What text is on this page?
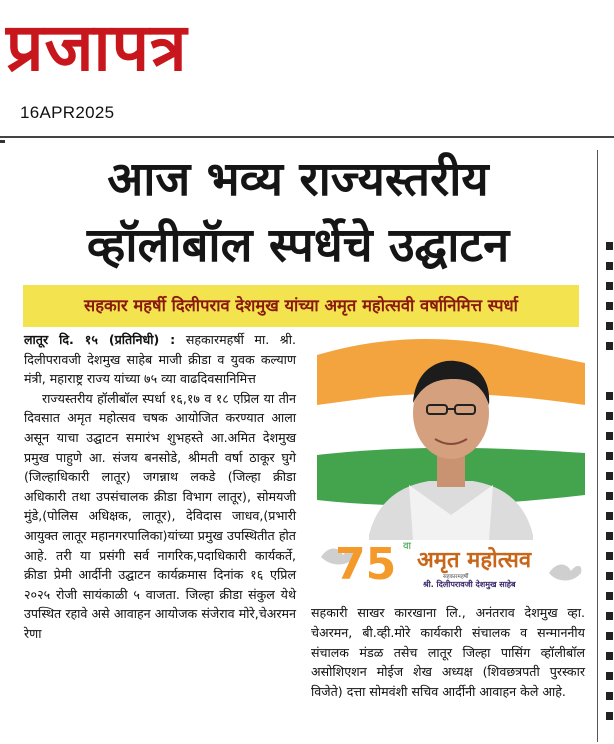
प्रजापत्र
16APR2025
आज भव्य राज्यस्तरीय
व्हॉलीबॉल स्पर्धेचे उद्घाटन
सहकार महर्षी दिलीपराव देशमुख यांच्या अमृत महोत्सवी वर्षानिमित्त स्पर्धा

लातूर दि. १५ (प्रतिनिधी) : सहकारमहर्षी मा. श्री. दिलीपरावजी देशमुख साहेब माजी क्रीडा व युवक कल्याण मंत्री, महाराष्ट्र राज्य यांच्या ७५ व्या वाढदिवसानिमित्त

राज्यस्तरीय हॉलीबॉल स्पर्धा १६,१७ व १८ एप्रिल या तीन दिवसात अमृत महोत्सव चषक आयोजित करण्यात आला असून याचा उद्घाटन समारंभ शुभहस्ते आ.अमित देशमुख प्रमुख पाहुणे आ. संजय बनसोडे, श्रीमती वर्षा ठाकूर घुगे (जिल्हाधिकारी लातूर) जगन्नाथ लकडे (जिल्हा क्रीडा अधिकारी तथा उपसंचालक क्रीडा विभाग लातूर), सोमयजी मुंडे,(पोलिस अधिक्षक, लातूर), देविदास जाधव,(प्रभारी आयुक्त लातूर महानगरपालिका)यांच्या प्रमुख उपस्थितीत होत आहे. तरी या प्रसंगी सर्व नागरिक,पदाधिकारी कार्यकर्ते, क्रीडा प्रेमी आर्दीनी उद्घाटन कार्यक्रमास दिनांक १६ एप्रिल २०२५ रोजी सायंकाळी ५ वाजता. जिल्हा क्रीडा संकुल येथे उपस्थित रहावे असे आवाहन आयोजक संजेराव मोरे,चेअरमन रेणा

75 वा
अमृत महोत्सव
सहकारमहर्षी
श्री. दिलीपरावजी देशमुख साहेब

सहकारी साखर कारखाना लि., अनंतराव देशमुख व्हा. चेअरमन, बी.व्ही.मोरे कार्यकारी संचालक व सन्माननीय संचालक मंडळ तसेच लातूर जिल्हा पासिंग व्हॉलीबॉल असोशिएशन मोईज शेख अध्यक्ष (शिवछत्रपती पुरस्कार विजेते) दत्ता सोमवंशी सचिव आर्दीनी आवाहन केले आहे.
